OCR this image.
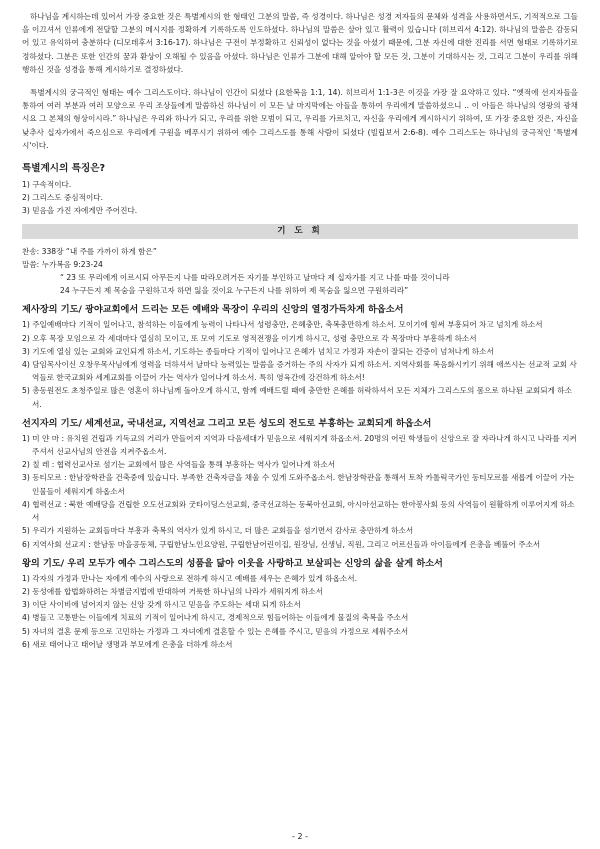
하나님을 계시하는데 있어서 가장 중요한 것은 특별계시의 한 형태인 그분의 말씀, 즉 성경이다. 하나님은 성경 저자들의 문체와 성격을 사용하면서도, 기적적으로 그들을 이끄셔서 인류에게 전달할 그분의 메시지를 정확하게 기록하도록 인도하셨다. 하나님의 말씀은 살아 있고 활력이 있습니다 (히브리서 4:12). 하나님의 말씀은 감동되어 있고 유익하여 충분하다 (디모데후서 3:16-17). 하나님은 구전이 부정확하고 신뢰성이 없다는 것을 아셨기 때문에, 그분 자신에 대한 진리를 서면 형태로 기록하기로 정하셨다. 그분은 또한 인간의 꿈과 환상이 오해될 수 있음을 아셨다. 하나님은 인류가 그분에 대해 알아야 할 모든 것, 그분이 기대하시는 것, 그리고 그분이 우리를 위해 행하신 것을 성경을 통해 계시하기로 결정하셨다.

특별계시의 궁극적인 형태는 예수 그리스도이다. 하나님이 인간이 되셨다 (요한복음 1:1, 14). 히브리서 1:1-3은 이것을 가장 잘 요약하고 있다. “옛적에 선지자들을 통하여 여러 부분과 여러 모양으로 우리 조상들에게 말씀하신 하나님이 이 모든 날 마지막에는 아들을 통하여 우리에게 말씀하셨으니 .. 이 아들은 하나님의 영광의 광채시요 그 본체의 형상이시라.” 하나님은 우리와 하나가 되고, 우리를 위한 모범이 되고, 우리를 가르치고, 자신을 우리에게 계시하시기 위하여, 또 가장 중요한 것은, 자신을 낮추사 십자가에서 죽으심으로 우리에게 구원을 베푸시기 위하여 예수 그리스도를 통해 사람이 되셨다 (빌립보서 2:6-8). 예수 그리스도는 하나님의 궁극적인 '특별계시'이다.

특별계시의 특징은?
1) 구속적이다.
2) 그리스도 중심적이다.
3) 믿음을 가진 자에게만 주어진다.
기 도 회

찬송: 338장 “내 주를 가까이 하게 함은”

말씀: 누가복음 9:23-24

“ 23 또 무리에게 이르시되 아무든지 나를 따라오려거든 자기를 부인하고 날마다 제 십자가를 지고 나를 따를 것이니라
24 누구든지 제 목숨을 구원하고자 하면 잃을 것이요 누구든지 나를 위하여 제 목숨을 잃으면 구원하리라”

제사장의 기도/ 광야교회에서 드리는 모든 예배와 목장이 우리의 신앙의 열정가득차게 하옵소서
1) 주일예배마다 기적이 일어나고, 참석하는 이들에게 능력이 나타나서 성령충만, 은혜충만, 축복충만하게 하소서. 모이기에 힘써 부흥되어 차고 넘치게 하소서
2) 오후 목장 모임으로 각 세대마다 열심히 모이고, 또 모여 기도로 영적전쟁을 이기게 하시고, 성령 충만으로 각 목장마다 부흥하게 하소서
3) 기도에 열심 있는 교회와 교인되게 하소서, 기도하는 종들마다 기적이 일어나고 은혜가 넘치고 가정과 자손이 잘되는 간증이 넘쳐나게 하소서
4) 담임목사이신 오창우목사님에게 영력을 더하셔서 날마다 능력있는 말씀을 증거하는 주의 사자가 되게 하소서. 지역사회를 복음화시키기 위해 애쓰시는 선교적 교회 사역들로 한국교회와 세계교회를 이끌어 가는 역사가 일어나게 하소서. 특히 영육간에 강건하게 하소서!
5) 총동원전도 초청주일로 많은 영혼이 하나님께 돌아오게 하시고, 함께 예배드릴 때에 충만한 은혜를 허락하셔서 모든 지체가 그리스도의 몸으로 하나된 교회되게 하소서.
선지자의 기도/ 세계선교, 국내선교, 지역선교 그리고 모든 성도의 전도로 부흥하는 교회되게 하옵소서
1) 미 얀 마 : 유치원 건립과 기독교의 거리가 만들어져 지역과 다음세대가 믿음으로 세워지게 하옵소서. 20명의 어린 학생들이 신앙으로 잘 자라나게 하시고 나라를 지켜주셔서 선교사님의 안전을 지켜주옵소서.
2) 칠 레 : 협력선교사로 섬기는 교회에서 많은 사역들을 통해 부흥하는 역사가 일어나게 하소서
3) 동티모르 : 한남장학관을 건축중에 있습니다. 부족한 건축자금을 채울 수 있게 도와주옵소서. 한남장학관을 통해서 토착 카톨릭국가인 동티모르를 새롭게 이끌어 가는 인물들이 세워지게 하옵소서
4) 협력선교 : 북한 예배당을 건립한 오도선교회와 굿타이딩스선교회, 중국선교하는 동북아선교회, 아시아선교하는 한아봉사회 등의 사역들이 원활하게 이루어지게 하소서
5) 우리가 지원하는 교회들마다 부흥과 축복의 역사가 있게 하시고, 더 많은 교회들을 섬기면서 감사로 충만하게 하소서
6) 지역사회 선교지 : 한남동 마을공동체, 구립한남노인요양원, 구립한남어린이집, 원장님, 선생님, 직원, 그리고 어르신들과 아이들에게 은총을 베풀어 주소서
왕의 기도/ 우리 모두가 예수 그리스도의 성품을 닮아 이웃을 사랑하고 보살피는 신앙의 삶을 살게 하소서
1) 각자의 가정과 만나는 자에게 예수의 사랑으로 전하게 하시고 예배를 세우는 은혜가 있게 하옵소서.
2) 동성애를 합법화하려는 차별금지법에 반대하여 거룩한 하나님의 나라가 세워지게 하소서
3) 이단 사이비에 넘어지지 않는 신앙 갖게 하시고 믿음을 주도하는 세대 되게 하소서
4) 병들고 고통받는 이들에게 치료의 기적이 일어나게 하시고, 경제적으로 힘들어하는 이들에게 물질의 축복을 주소서
5) 자녀의 결혼 문제 등으로 고민하는 가정과 그 자녀에게 결혼할 수 있는 은혜를 주시고, 믿음의 가정으로 세워주소서
6) 새로 태어나고 태어날 생명과 부모에게 은총을 더하게 하소서
- 2 -
